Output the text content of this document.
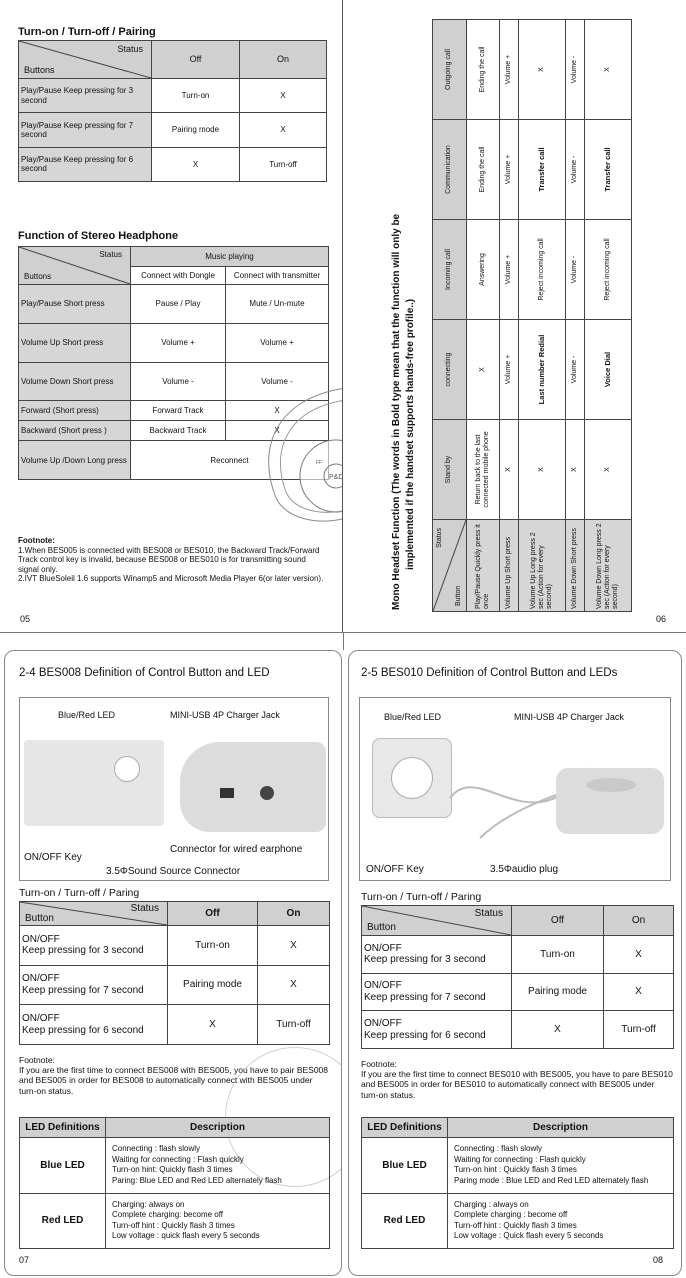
Turn-on / Turn-off / Pairing
Status
Buttons	Off	On
Play/Pause Keep pressing for 3 second	Turn-on	X
Play/Pause Keep pressing for 7 second	Pairing mode	X
Play/Pause Keep pressing for 6 second	X	Turn-off
Function of Stereo Headphone
Status
Buttons	Music playing	
	Connect with Dongle	Connect with transmitter
Play/Pause Short press	Pause / Play	Mute / Un-mute
Volume Up Short press	Volume +	Volume +
Volume Down Short press	Volume -	Volume -
Forward (Short press)	Forward Track	X
Backward (Short press )	Backward Track	X
Volume Up /Down Long press	Reconnect	
P&D
FF
Footnote:
1.When BES005 is connected with BES008 or BES010, the Backward Track/Forward Track control key is invalid, because BES008 or BES010 is for transmitting sound signal only.
2.IVT BlueSoleil 1.6 supports Winamp5 and Microsoft Media Player 6(or later version).
05
Mono Headset Function (The words in Bold type mean that the function will only be implemented if the handset supports hands-free profile..)	Status
Button	Stand by	connecting	Incoming call	Communication	Outgoing call
Play/Pause Quickly press it once	Return back to the last connected mobile phone	X	Answering	Ending the call	Ending the call
Volume Up Short press	X	Volume +	Volume +	Volume +	Volume +
Volume Up Long press 2 sec (Action for every second)	X	Last number Redial	Reject incoming call	Transfer call	X
Volume Down Short press	X	Volume -	Volume -	Volume -	Volume -
Volume Down Long press 2 sec (Action for every second)	X	Voice Dial	Reject incoming call	Transfer call	X
06
2-4 BES008 Definition of Control Button and LED
Blue/Red LED	MINI-USB 4P Charger Jack
ON/OFF Key
Connector for wired earphone
3.5ΦSound Source Connector
Turn-on / Turn-off / Paring
Status
Button	Off	On

ON/OFF
Keep pressing for 3 second	Turn-on	X

ON/OFF
Keep pressing for 7 second	Pairing mode	X

ON/OFF
Keep pressing for 6 second	X	Turn-off
Footnote:
If you are the first time to connect BES008 with BES005, you have to pair BES008 and BES005 in order for BES008 to automatically connect with BES005 under turn-on status.
LED Definitions	Description
Blue LED	Connecting : flash slowly
Waiting for connecting : Flash quickly
Turn-on hint: Quickly flash 3 times
Paring: Blue LED and Red LED alternately flash

Red LED	Charging: always on
Complete charging: become off
Turn-off hint : Quickly flash 3 times
Low voltage : quick flash every 5 seconds
07
2-5 BES010 Definition of Control Button and LEDs
Blue/Red LED	MINI-USB 4P Charger Jack
ON/OFF Key	3.5Φaudio plug
Turn-on / Turn-off / Paring
Status
Button	Off	On

ON/OFF
Keep pressing for 3 second	Turn-on	X

ON/OFF
Keep pressing for 7 second	Pairing mode	X

ON/OFF
Keep pressing for 6 second	X	Turn-off
Footnote:
If you are the first time to connect BES010 with BES005, you have to pare BES010 and BES005 in order for BES010 to automatically connect with BES005 under turn-on status.
LED Definitions	Description
Blue LED	Connecting : flash slowly
Waiting for connecting : Flash quickly
Turn-on hint : Quickly flash 3 times
Paring mode : Blue LED and Red LED alternately flash

Red LED	Charging : always on
Complete charging : become off
Turn-off hint : Quickly flash 3 times
Low voltage : Quick flash every 5 seconds
08
